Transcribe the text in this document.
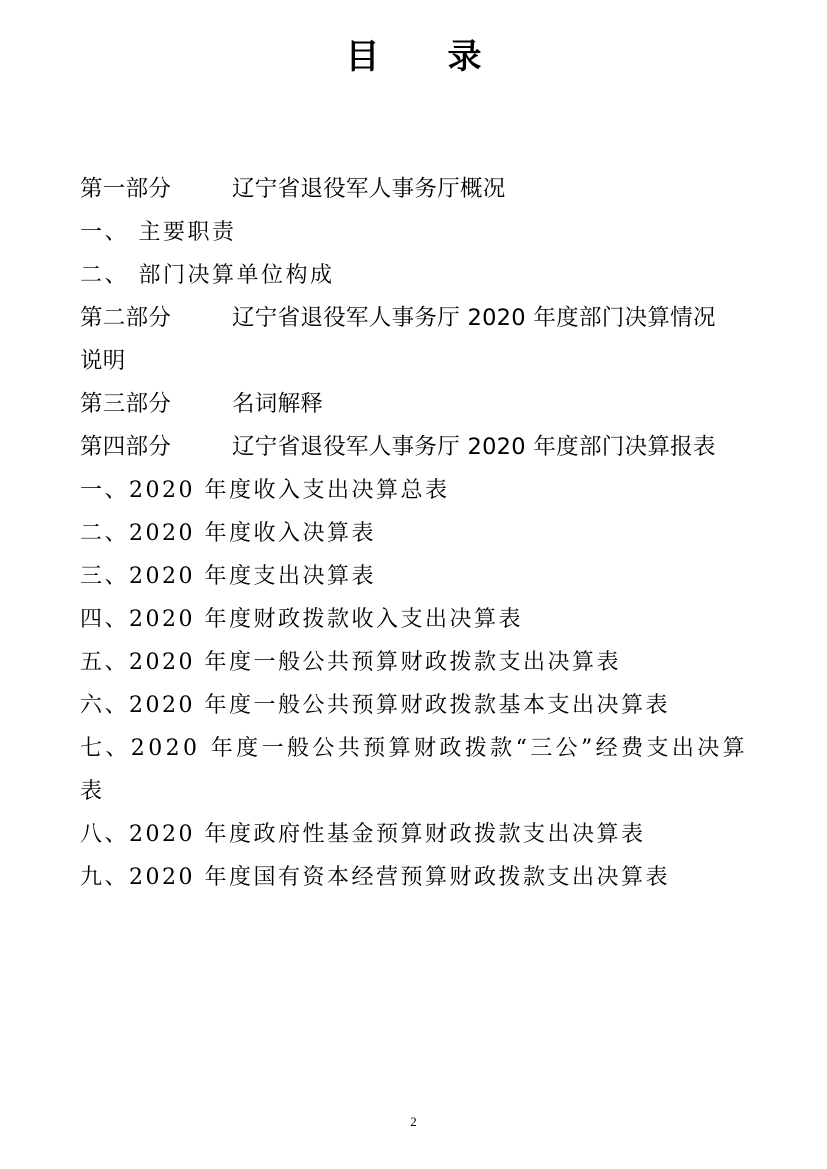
目 录
第一部分	辽宁省退役军人事务厅概况
一、 主要职责
二、 部门决算单位构成
第二部分	辽宁省退役军人事务厅 2020 年度部门决算情况
说明
第三部分	名词解释
第四部分	辽宁省退役军人事务厅 2020 年度部门决算报表
一、2020 年度收入支出决算总表
二、2020 年度收入决算表
三、2020 年度支出决算表
四、2020 年度财政拨款收入支出决算表
五、2020 年度一般公共预算财政拨款支出决算表
六、2020 年度一般公共预算财政拨款基本支出决算表
七、2020 年度一般公共预算财政拨款“三公”经费支出决算
表
八、2020 年度政府性基金预算财政拨款支出决算表
九、2020 年度国有资本经营预算财政拨款支出决算表
2
